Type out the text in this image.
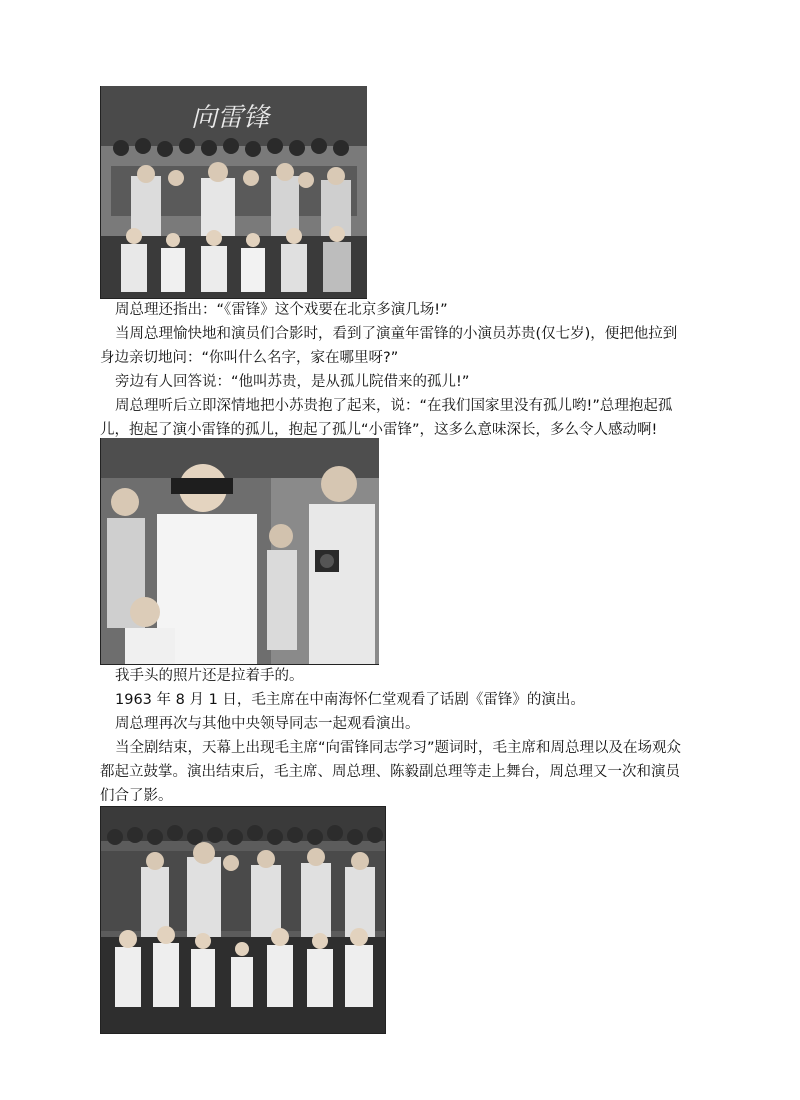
向雷锋

周总理还指出：“《雷锋》这个戏要在北京多演几场!”

当周总理愉快地和演员们合影时，看到了演童年雷锋的小演员苏贵(仅七岁)，便把他拉到身边亲切地问：“你叫什么名字，家在哪里呀?”

旁边有人回答说：“他叫苏贵，是从孤儿院借来的孤儿!”

周总理听后立即深情地把小苏贵抱了起来，说：“在我们国家里没有孤儿哟!”总理抱起孤儿，抱起了演小雷锋的孤儿，抱起了孤儿“小雷锋”，这多么意味深长，多么令人感动啊!

我手头的照片还是拉着手的。

1963 年 8 月 1 日，毛主席在中南海怀仁堂观看了话剧《雷锋》的演出。

周总理再次与其他中央领导同志一起观看演出。

当全剧结束，天幕上出现毛主席“向雷锋同志学习”题词时，毛主席和周总理以及在场观众都起立鼓掌。演出结束后，毛主席、周总理、陈毅副总理等走上舞台，周总理又一次和演员们合了影。
